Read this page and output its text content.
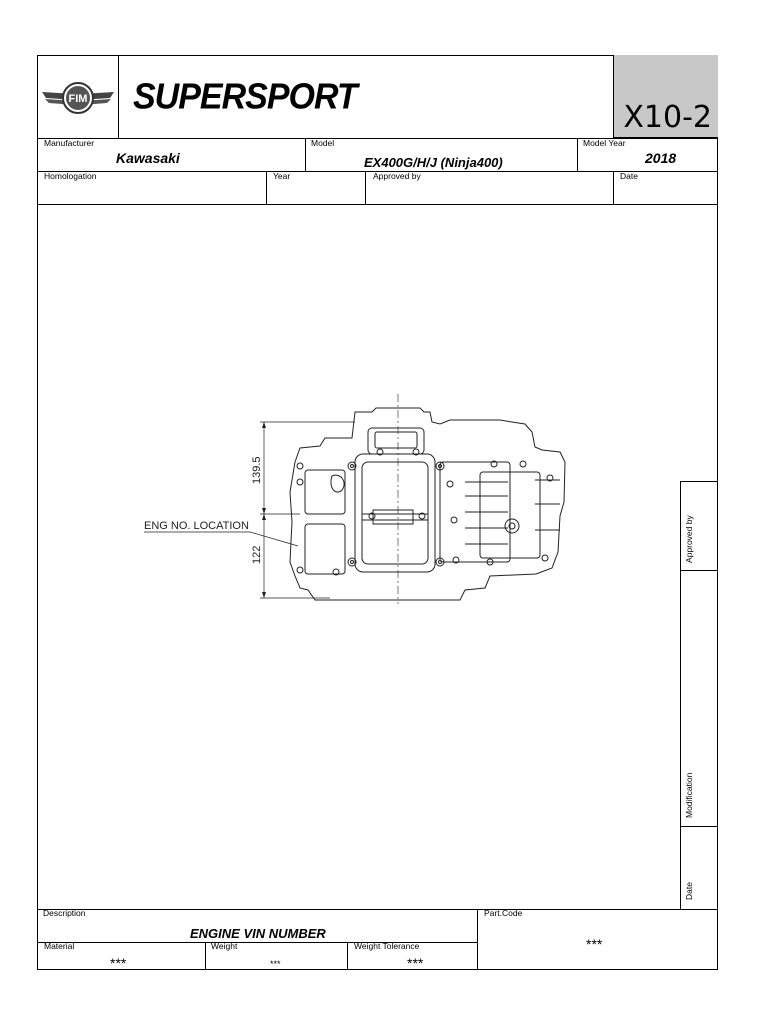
FIM SUPERSPORT
X10-2
Manufacturer
Kawasaki
Model
EX400G/H/J (Ninja400)
Model Year
2018
Homologation	Year	Approved by	Date
Approved by
Modification
Date
139.5
122
ENG NO. LOCATION
Description
ENGINE VIN NUMBER
Part.Code
***
Material
***
Weight
***
Weight Tolerance
***
